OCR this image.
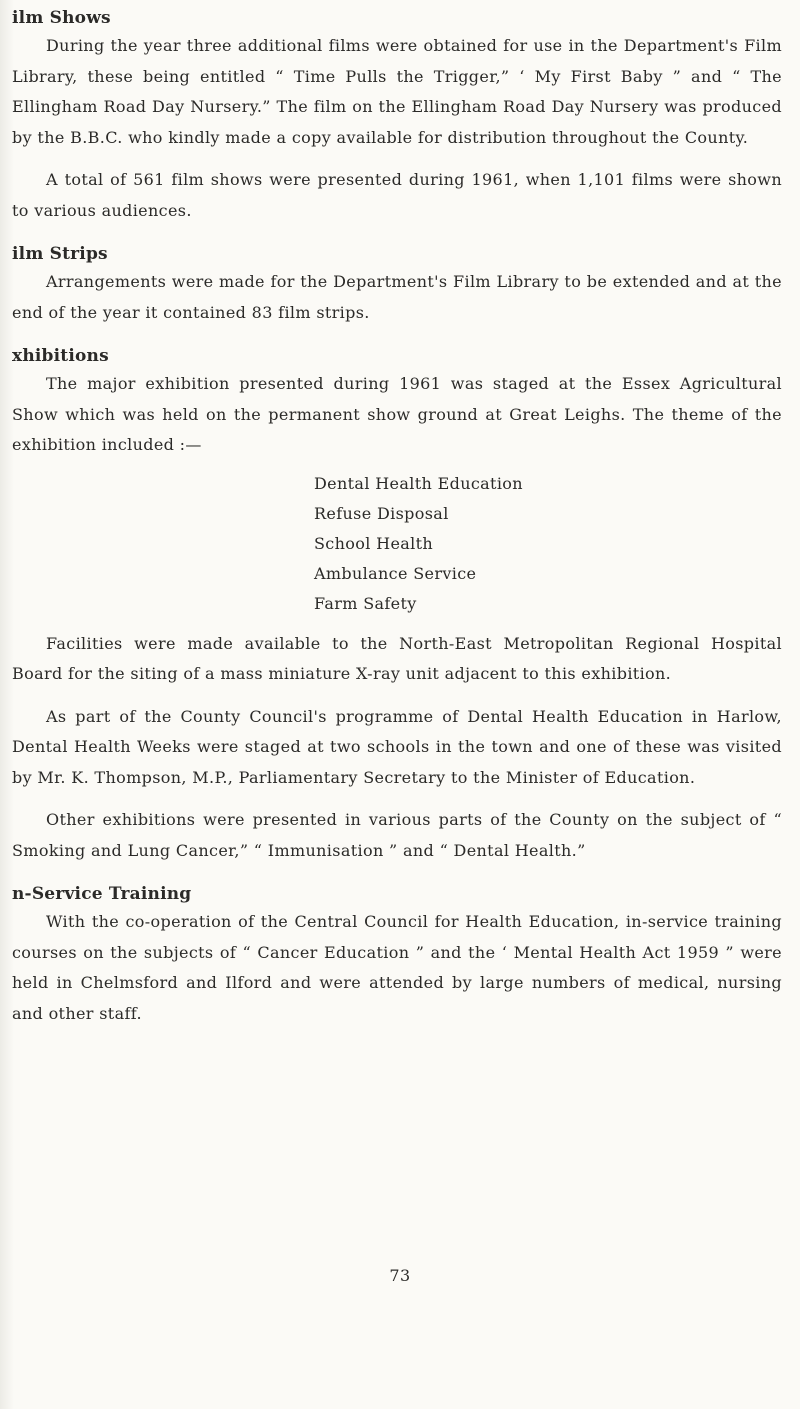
ilm Shows

During the year three additional films were obtained for use in the Department's Film Library, these being entitled “ Time Pulls the Trigger,” ‘ My First Baby ” and “ The Ellingham Road Day Nursery.” The film on the Ellingham Road Day Nursery was produced by the B.B.C. who kindly made a copy available for distribution throughout the County.

A total of 561 film shows were presented during 1961, when 1,101 films were shown to various audiences.

ilm Strips

Arrangements were made for the Department's Film Library to be extended and at the end of the year it contained 83 film strips.

xhibitions

The major exhibition presented during 1961 was staged at the Essex Agricultural Show which was held on the permanent show ground at Great Leighs. The theme of the exhibition included :—

Dental Health Education
Refuse Disposal
School Health
Ambulance Service
Farm Safety

Facilities were made available to the North-East Metropolitan Regional Hospital Board for the siting of a mass miniature X-ray unit adjacent to this exhibition.

As part of the County Council's programme of Dental Health Education in Harlow, Dental Health Weeks were staged at two schools in the town and one of these was visited by Mr. K. Thompson, M.P., Parliamentary Secretary to the Minister of Education.

Other exhibitions were presented in various parts of the County on the subject of “ Smoking and Lung Cancer,” “ Immunisation ” and “ Dental Health.”

n-Service Training

With the co-operation of the Central Council for Health Education, in-service training courses on the subjects of “ Cancer Education ” and the ‘ Mental Health Act 1959 ” were held in Chelmsford and Ilford and were attended by large numbers of medical, nursing and other staff.

73
